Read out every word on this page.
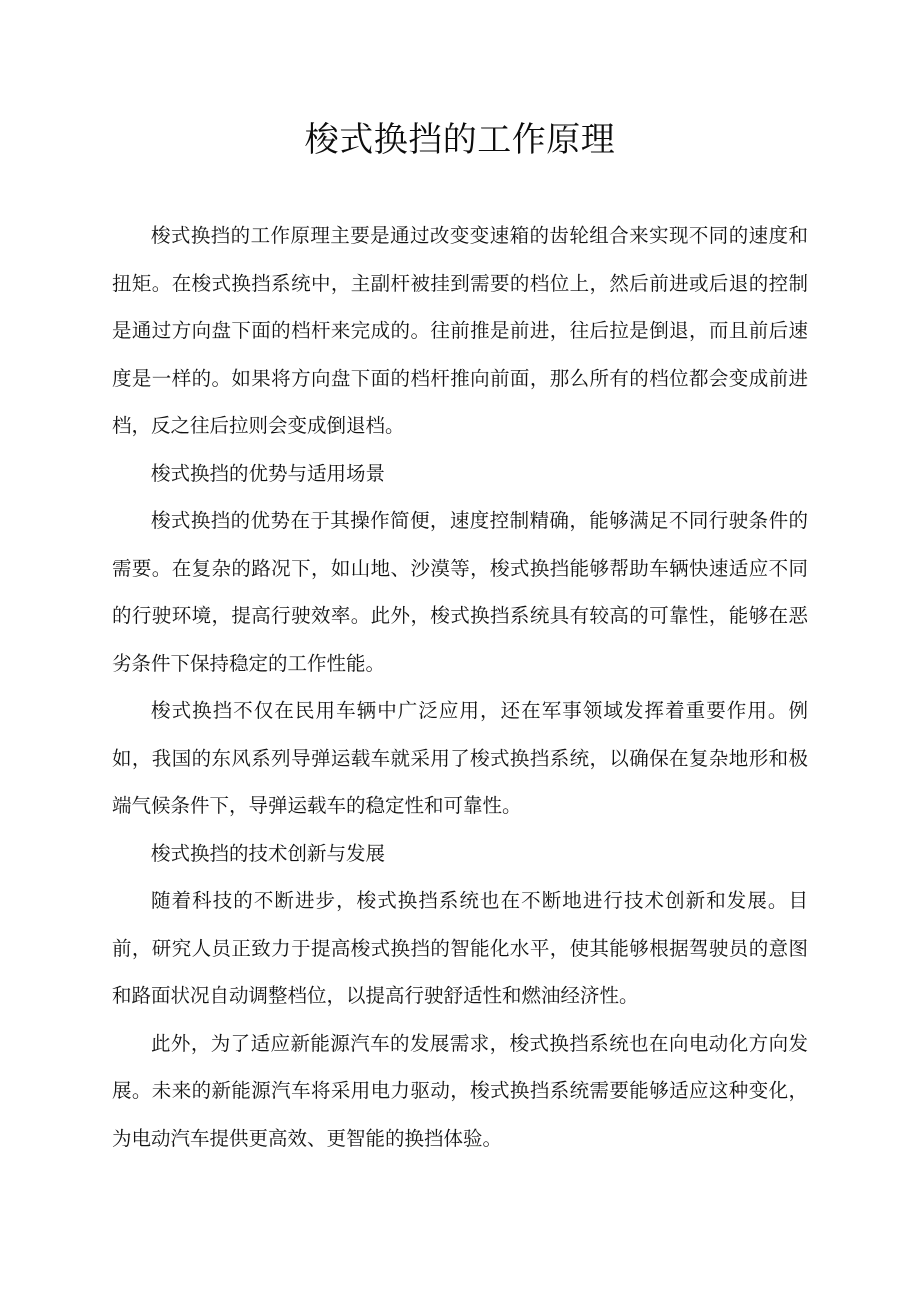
梭式换挡的工作原理

梭式换挡的工作原理主要是通过改变变速箱的齿轮组合来实现不同的速度和扭矩。在梭式换挡系统中，主副杆被挂到需要的档位上，然后前进或后退的控制是通过方向盘下面的档杆来完成的。往前推是前进，往后拉是倒退，而且前后速度是一样的。如果将方向盘下面的档杆推向前面，那么所有的档位都会变成前进档，反之往后拉则会变成倒退档。

梭式换挡的优势与适用场景

梭式换挡的优势在于其操作简便，速度控制精确，能够满足不同行驶条件的需要。在复杂的路况下，如山地、沙漠等，梭式换挡能够帮助车辆快速适应不同的行驶环境，提高行驶效率。此外，梭式换挡系统具有较高的可靠性，能够在恶劣条件下保持稳定的工作性能。

梭式换挡不仅在民用车辆中广泛应用，还在军事领域发挥着重要作用。例如，我国的东风系列导弹运载车就采用了梭式换挡系统，以确保在复杂地形和极端气候条件下，导弹运载车的稳定性和可靠性。

梭式换挡的技术创新与发展

随着科技的不断进步，梭式换挡系统也在不断地进行技术创新和发展。目前，研究人员正致力于提高梭式换挡的智能化水平，使其能够根据驾驶员的意图和路面状况自动调整档位，以提高行驶舒适性和燃油经济性。

此外，为了适应新能源汽车的发展需求，梭式换挡系统也在向电动化方向发展。未来的新能源汽车将采用电力驱动，梭式换挡系统需要能够适应这种变化，为电动汽车提供更高效、更智能的换挡体验。
